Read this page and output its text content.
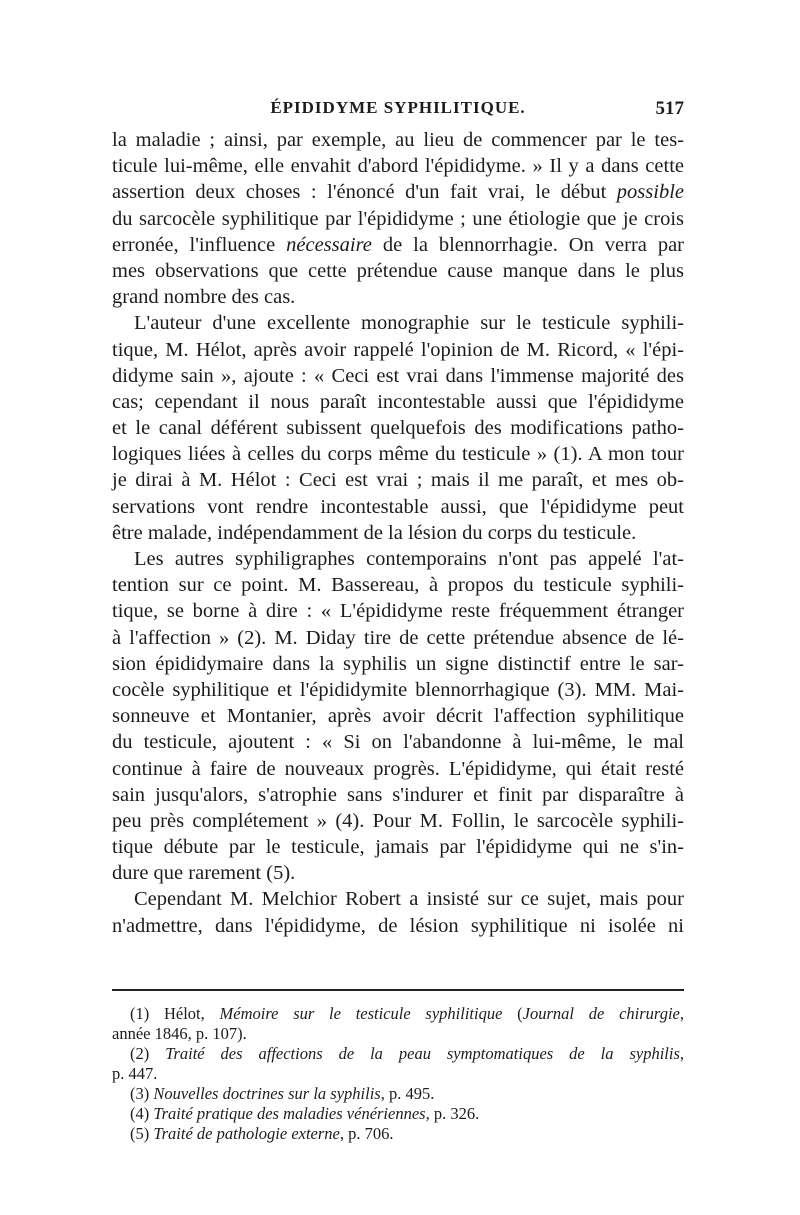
ÉPIDIDYME SYPHILITIQUE.	517
la maladie ; ainsi, par exemple, au lieu de commencer par le tes-
ticule lui-même, elle envahit d'abord l'épididyme. » Il y a dans cette
assertion deux choses : l'énoncé d'un fait vrai, le début possible
du sarcocèle syphilitique par l'épididyme ; une étiologie que je crois
erronée, l'influence nécessaire de la blennorrhagie. On verra par
mes observations que cette prétendue cause manque dans le plus
grand nombre des cas.
L'auteur d'une excellente monographie sur le testicule syphili-
tique, M. Hélot, après avoir rappelé l'opinion de M. Ricord, « l'épi-
didyme sain », ajoute : « Ceci est vrai dans l'immense majorité des
cas; cependant il nous paraît incontestable aussi que l'épididyme
et le canal déférent subissent quelquefois des modifications patho-
logiques liées à celles du corps même du testicule » (1). A mon tour
je dirai à M. Hélot : Ceci est vrai ; mais il me paraît, et mes ob-
servations vont rendre incontestable aussi, que l'épididyme peut
être malade, indépendamment de la lésion du corps du testicule.
Les autres syphiligraphes contemporains n'ont pas appelé l'at-
tention sur ce point. M. Bassereau, à propos du testicule syphili-
tique, se borne à dire : « L'épididyme reste fréquemment étranger
à l'affection » (2). M. Diday tire de cette prétendue absence de lé-
sion épididymaire dans la syphilis un signe distinctif entre le sar-
cocèle syphilitique et l'épididymite blennorrhagique (3). MM. Mai-
sonneuve et Montanier, après avoir décrit l'affection syphilitique
du testicule, ajoutent : « Si on l'abandonne à lui-même, le mal
continue à faire de nouveaux progrès. L'épididyme, qui était resté
sain jusqu'alors, s'atrophie sans s'indurer et finit par disparaître à
peu près complétement » (4). Pour M. Follin, le sarcocèle syphili-
tique débute par le testicule, jamais par l'épididyme qui ne s'in-
dure que rarement (5).
Cependant M. Melchior Robert a insisté sur ce sujet, mais pour
n'admettre, dans l'épididyme, de lésion syphilitique ni isolée ni
(1) Hélot, Mémoire sur le testicule syphilitique (Journal de chirurgie,
année 1846, p. 107).
(2) Traité des affections de la peau symptomatiques de la syphilis,
p. 447.
(3) Nouvelles doctrines sur la syphilis, p. 495.
(4) Traité pratique des maladies vénériennes, p. 326.
(5) Traité de pathologie externe, p. 706.
